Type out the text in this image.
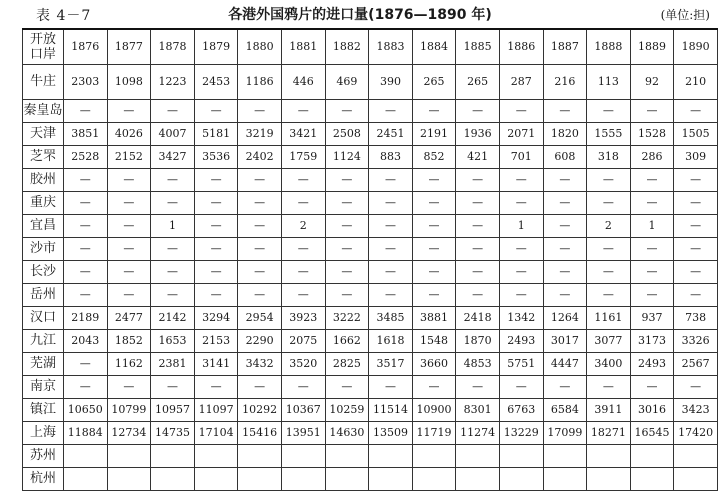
表 4－7	各港外国鸦片的进口量(1876—1890 年)	(单位:担)
开放
口岸	1876	1877	1878	1879	1880	1881	1882	1883	1884	1885	1886	1887	1888	1889	1890
牛庄	2303	1098	1223	2453	1186	446	469	390	265	265	287	216	113	92	210
秦皇岛	—	—	—	—	—	—	—	—	—	—	—	—	—	—	—
天津	3851	4026	4007	5181	3219	3421	2508	2451	2191	1936	2071	1820	1555	1528	1505
芝罘	2528	2152	3427	3536	2402	1759	1124	883	852	421	701	608	318	286	309
胶州	—	—	—	—	—	—	—	—	—	—	—	—	—	—	—
重庆	—	—	—	—	—	—	—	—	—	—	—	—	—	—	—
宜昌	—	—	1	—	—	2	—	—	—	—	1	—	2	1	—
沙市	—	—	—	—	—	—	—	—	—	—	—	—	—	—	—
长沙	—	—	—	—	—	—	—	—	—	—	—	—	—	—	—
岳州	—	—	—	—	—	—	—	—	—	—	—	—	—	—	—
汉口	2189	2477	2142	3294	2954	3923	3222	3485	3881	2418	1342	1264	1161	937	738
九江	2043	1852	1653	2153	2290	2075	1662	1618	1548	1870	2493	3017	3077	3173	3326
芜湖	—	1162	2381	3141	3432	3520	2825	3517	3660	4853	5751	4447	3400	2493	2567
南京	—	—	—	—	—	—	—	—	—	—	—	—	—	—	—
镇江	10650	10799	10957	11097	10292	10367	10259	11514	10900	8301	6763	6584	3911	3016	3423
上海	11884	12734	14735	17104	15416	13951	14630	13509	11719	11274	13229	17099	18271	16545	17420
苏州															
杭州															
